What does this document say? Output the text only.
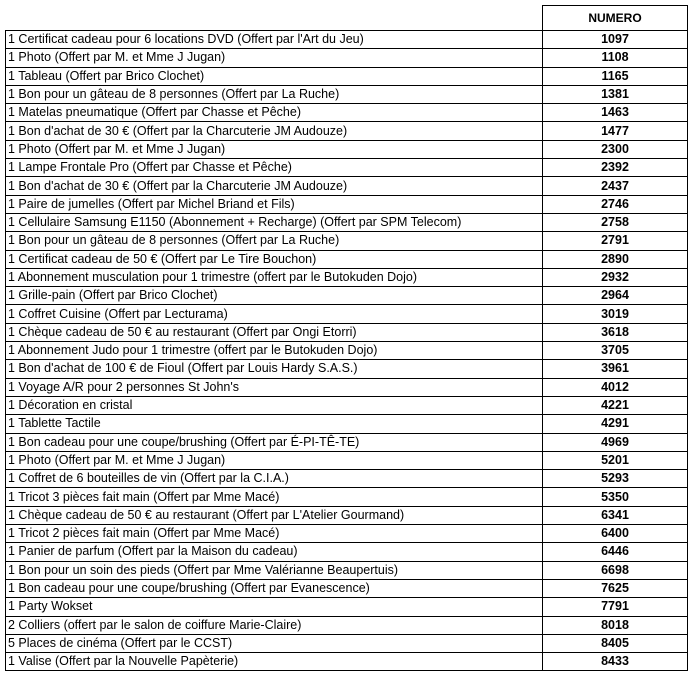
	NUMERO
1 Certificat cadeau pour 6 locations DVD (Offert par l'Art du Jeu)	1097
1 Photo (Offert par M. et Mme J Jugan)	1108
1 Tableau (Offert par Brico Clochet)	1165
1 Bon pour un gâteau de 8 personnes (Offert par La Ruche)	1381
1 Matelas pneumatique (Offert par Chasse et Pêche)	1463
1 Bon d'achat de 30 € (Offert par la Charcuterie JM Audouze)	1477
1 Photo (Offert par M. et Mme J Jugan)	2300
1 Lampe Frontale Pro (Offert par Chasse et Pêche)	2392
1 Bon d'achat de 30 € (Offert par la Charcuterie JM Audouze)	2437
1 Paire de jumelles (Offert par Michel Briand et Fils)	2746
1 Cellulaire Samsung E1150 (Abonnement + Recharge) (Offert par SPM Telecom)	2758
1 Bon pour un gâteau de 8 personnes (Offert par La Ruche)	2791
1 Certificat cadeau de 50 € (Offert par Le Tire Bouchon)	2890
1 Abonnement musculation pour 1 trimestre (offert par le Butokuden Dojo)	2932
1 Grille-pain (Offert par Brico Clochet)	2964
1 Coffret Cuisine (Offert par Lecturama)	3019
1 Chèque cadeau de 50 € au restaurant (Offert par Ongi Etorri)	3618
1 Abonnement Judo pour 1 trimestre (offert par le Butokuden Dojo)	3705
1 Bon d'achat de 100 € de Fioul (Offert par Louis Hardy S.A.S.)	3961
1 Voyage A/R pour 2 personnes St John's	4012
1 Décoration en cristal	4221
1 Tablette Tactile	4291
1 Bon cadeau pour une coupe/brushing (Offert par É-PI-TÊ-TE)	4969
1 Photo (Offert par M. et Mme J Jugan)	5201
1 Coffret de 6 bouteilles de vin (Offert par la C.I.A.)	5293
1 Tricot 3 pièces fait main (Offert par Mme Macé)	5350
1 Chèque cadeau de 50 € au restaurant (Offert par L'Atelier Gourmand)	6341
1 Tricot 2 pièces fait main (Offert par Mme Macé)	6400
1 Panier de parfum (Offert par la Maison du cadeau)	6446
1 Bon pour un soin des pieds (Offert par Mme Valérianne Beaupertuis)	6698
1 Bon cadeau pour une coupe/brushing (Offert par Evanescence)	7625
1 Party Wokset	7791
2 Colliers (offert par le salon de coiffure Marie-Claire)	8018
5 Places de cinéma (Offert par le CCST)	8405
1 Valise (Offert par la Nouvelle Papèterie)	8433
